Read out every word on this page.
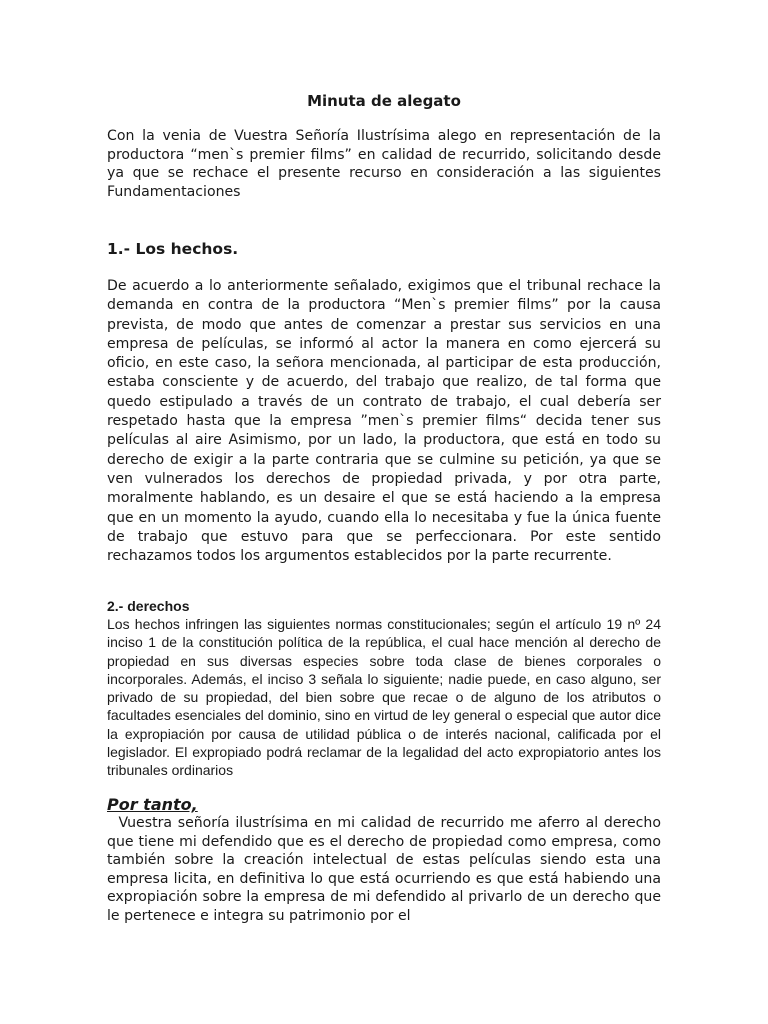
Minuta de alegato
Con la venia de Vuestra Señoría Ilustrísima alego en representación de la productora “men`s premier films” en calidad de recurrido, solicitando desde ya que se rechace el presente recurso en consideración a las siguientes Fundamentaciones
1.- Los hechos.
De acuerdo a lo anteriormente señalado, exigimos que el tribunal rechace la demanda en contra de la productora “Men`s premier films” por la causa prevista, de modo que antes de comenzar a prestar sus servicios en una empresa de películas, se informó al actor la manera en como ejercerá su oficio, en este caso, la señora mencionada, al participar de esta producción, estaba consciente y de acuerdo, del trabajo que realizo, de tal forma que quedo estipulado a través de un contrato de trabajo, el cual debería ser respetado hasta que la empresa ”men`s premier films“ decida tener sus películas al aire Asimismo, por un lado, la productora, que está en todo su derecho de exigir a la parte contraria que se culmine su petición, ya que se ven vulnerados los derechos de propiedad privada, y por otra parte, moralmente hablando, es un desaire el que se está haciendo a la empresa que en un momento la ayudo, cuando ella lo necesitaba y fue la única fuente de trabajo que estuvo para que se perfeccionara. Por este sentido rechazamos todos los argumentos establecidos por la parte recurrente.
2.- derechos
Los hechos infringen las siguientes normas constitucionales; según el artículo 19 nº 24 inciso 1 de la constitución política de la república, el cual hace mención al derecho de propiedad en sus diversas especies sobre toda clase de bienes corporales o incorporales. Además, el inciso 3 señala lo siguiente; nadie puede, en caso alguno, ser privado de su propiedad, del bien sobre que recae o de alguno de los atributos o facultades esenciales del dominio, sino en virtud de ley general o especial que autor dice la expropiación por causa de utilidad pública o de interés nacional, calificada por el legislador. El expropiado podrá reclamar de la legalidad del acto expropiatorio antes los tribunales ordinarios
Por tanto,
Vuestra señoría ilustrísima en mi calidad de recurrido me aferro al derecho que tiene mi defendido que es el derecho de propiedad como empresa, como también sobre la creación intelectual de estas películas siendo esta una empresa licita, en definitiva lo que está ocurriendo es que está habiendo una expropiación sobre la empresa de mi defendido al privarlo de un derecho que le pertenece e integra su patrimonio por el
